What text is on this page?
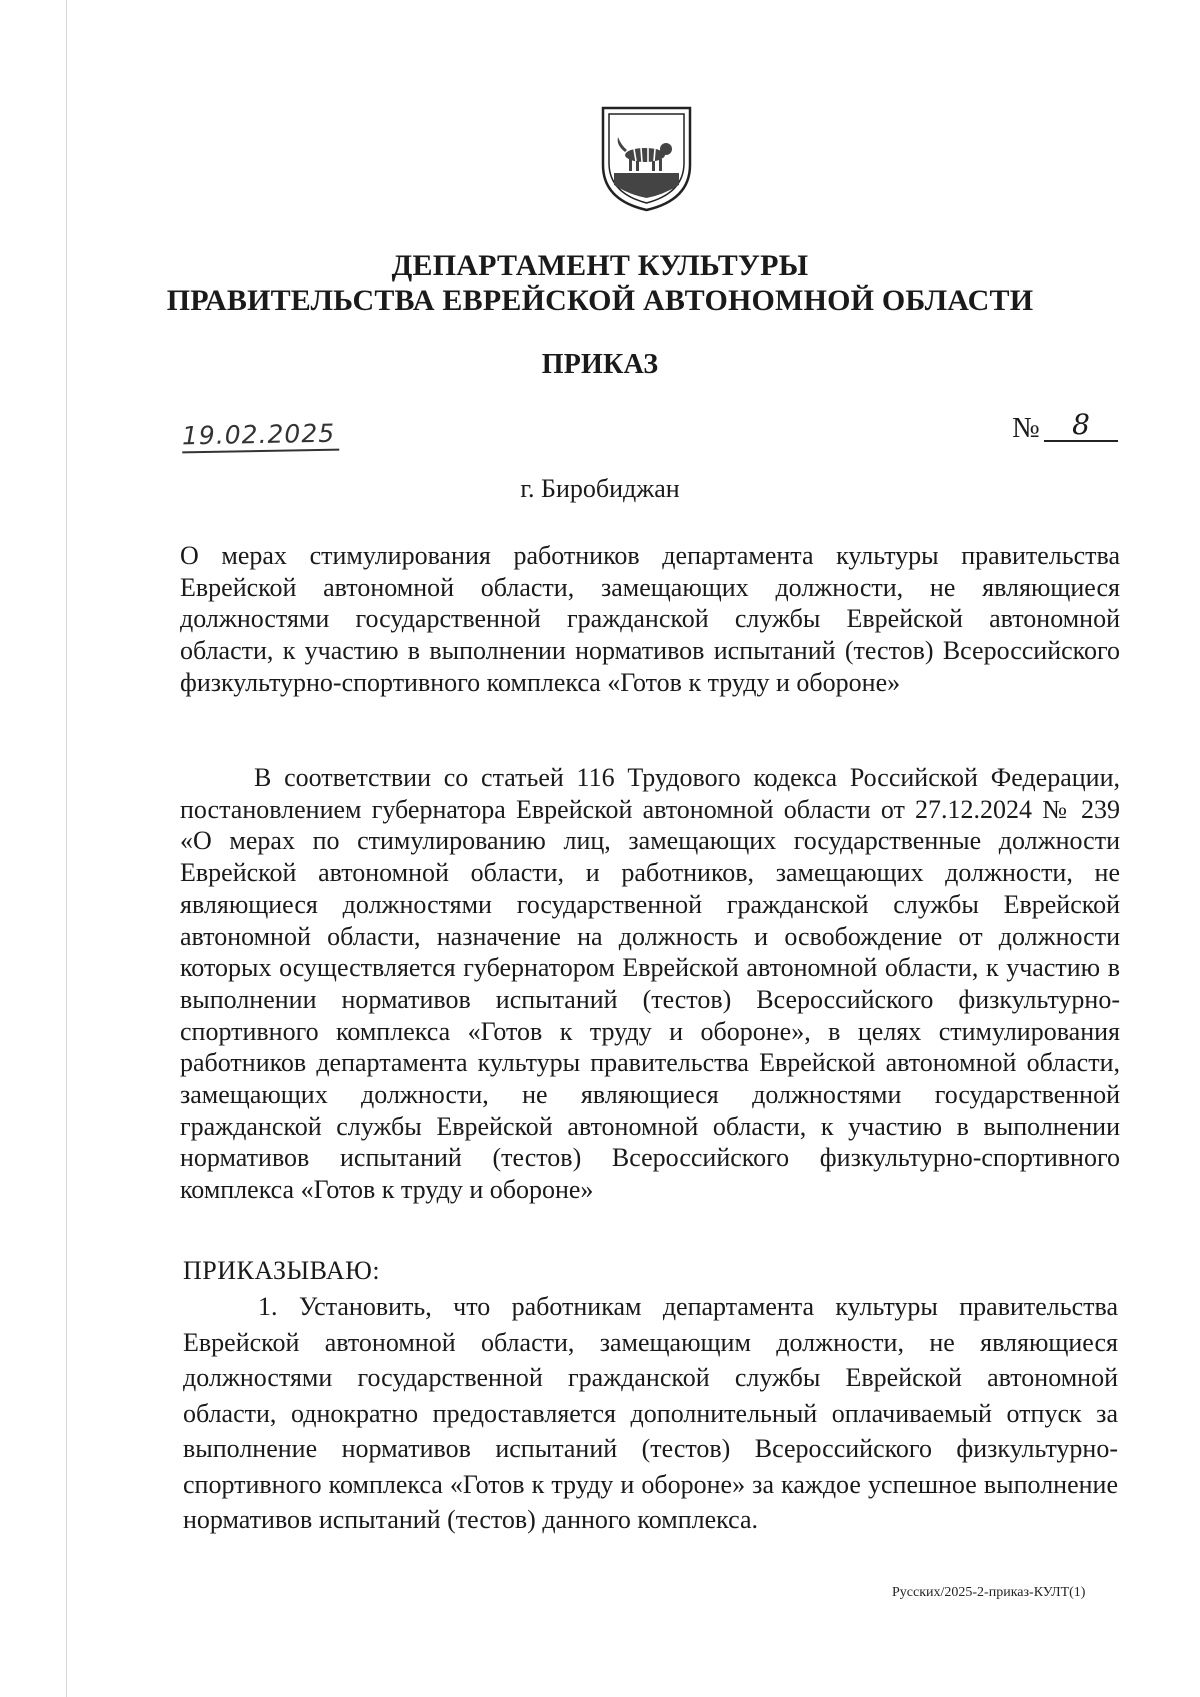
ДЕПАРТАМЕНТ КУЛЬТУРЫ
ПРАВИТЕЛЬСТВА ЕВРЕЙСКОЙ АВТОНОМНОЙ ОБЛАСТИ
ПРИКАЗ
19.02.2025	№	8
г. Биробиджан
О мерах стимулирования работников департамента культуры правительства Еврейской автономной области, замещающих должности, не являющиеся должностями государственной гражданской службы Еврейской автономной области, к участию в выполнении нормативов испытаний (тестов) Всероссийского физкультурно-спортивного комплекса «Готов к труду и обороне»
В соответствии со статьей 116 Трудового кодекса Российской Федерации, постановлением губернатора Еврейской автономной области от 27.12.2024 № 239 «О мерах по стимулированию лиц, замещающих государственные должности Еврейской автономной области, и работников, замещающих должности, не являющиеся должностями государственной гражданской службы Еврейской автономной области, назначение на должность и освобождение от должности которых осуществляется губернатором Еврейской автономной области, к участию в выполнении нормативов испытаний (тестов) Всероссийского физкультурно-спортивного комплекса «Готов к труду и обороне», в целях стимулирования работников департамента культуры правительства Еврейской автономной области, замещающих должности, не являющиеся должностями государственной гражданской службы Еврейской автономной области, к участию в выполнении нормативов испытаний (тестов) Всероссийского физкультурно-спортивного комплекса «Готов к труду и обороне»
ПРИКАЗЫВАЮ:
1. Установить, что работникам департамента культуры правительства Еврейской автономной области, замещающим должности, не являющиеся должностями государственной гражданской службы Еврейской автономной области, однократно предоставляется дополнительный оплачиваемый отпуск за выполнение нормативов испытаний (тестов) Всероссийского физкультурно-спортивного комплекса «Готов к труду и обороне» за каждое успешное выполнение нормативов испытаний (тестов) данного комплекса.
Русских/2025-2-приказ-КУЛТ(1)
